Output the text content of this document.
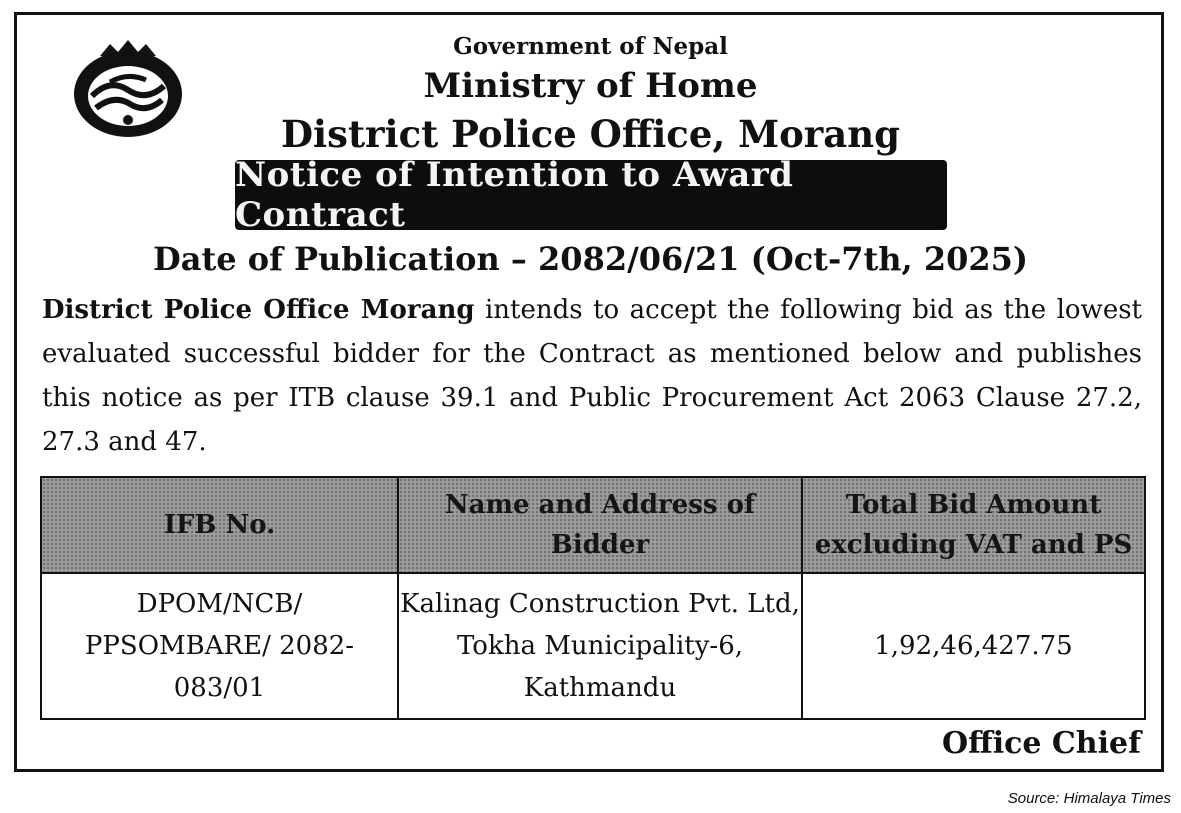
Government of Nepal
Ministry of Home
District Police Office, Morang
Notice of Intention to Award Contract
Date of Publication – 2082/06/21 (Oct-7th, 2025)
District Police Office Morang intends to accept the following bid as the lowest evaluated successful bidder for the Contract as mentioned below and publishes this notice as per ITB clause 39.1 and Public Procurement Act 2063 Clause 27.2, 27.3 and 47.
IFB No.	Name and Address of Bidder	Total Bid Amount excluding VAT and PS
DPOM/NCB/ PPSOMBARE/ 2082-083/01	Kalinag Construction Pvt. Ltd, Tokha Municipality-6, Kathmandu	1,92,46,427.75
Office Chief
Source: Himalaya Times
